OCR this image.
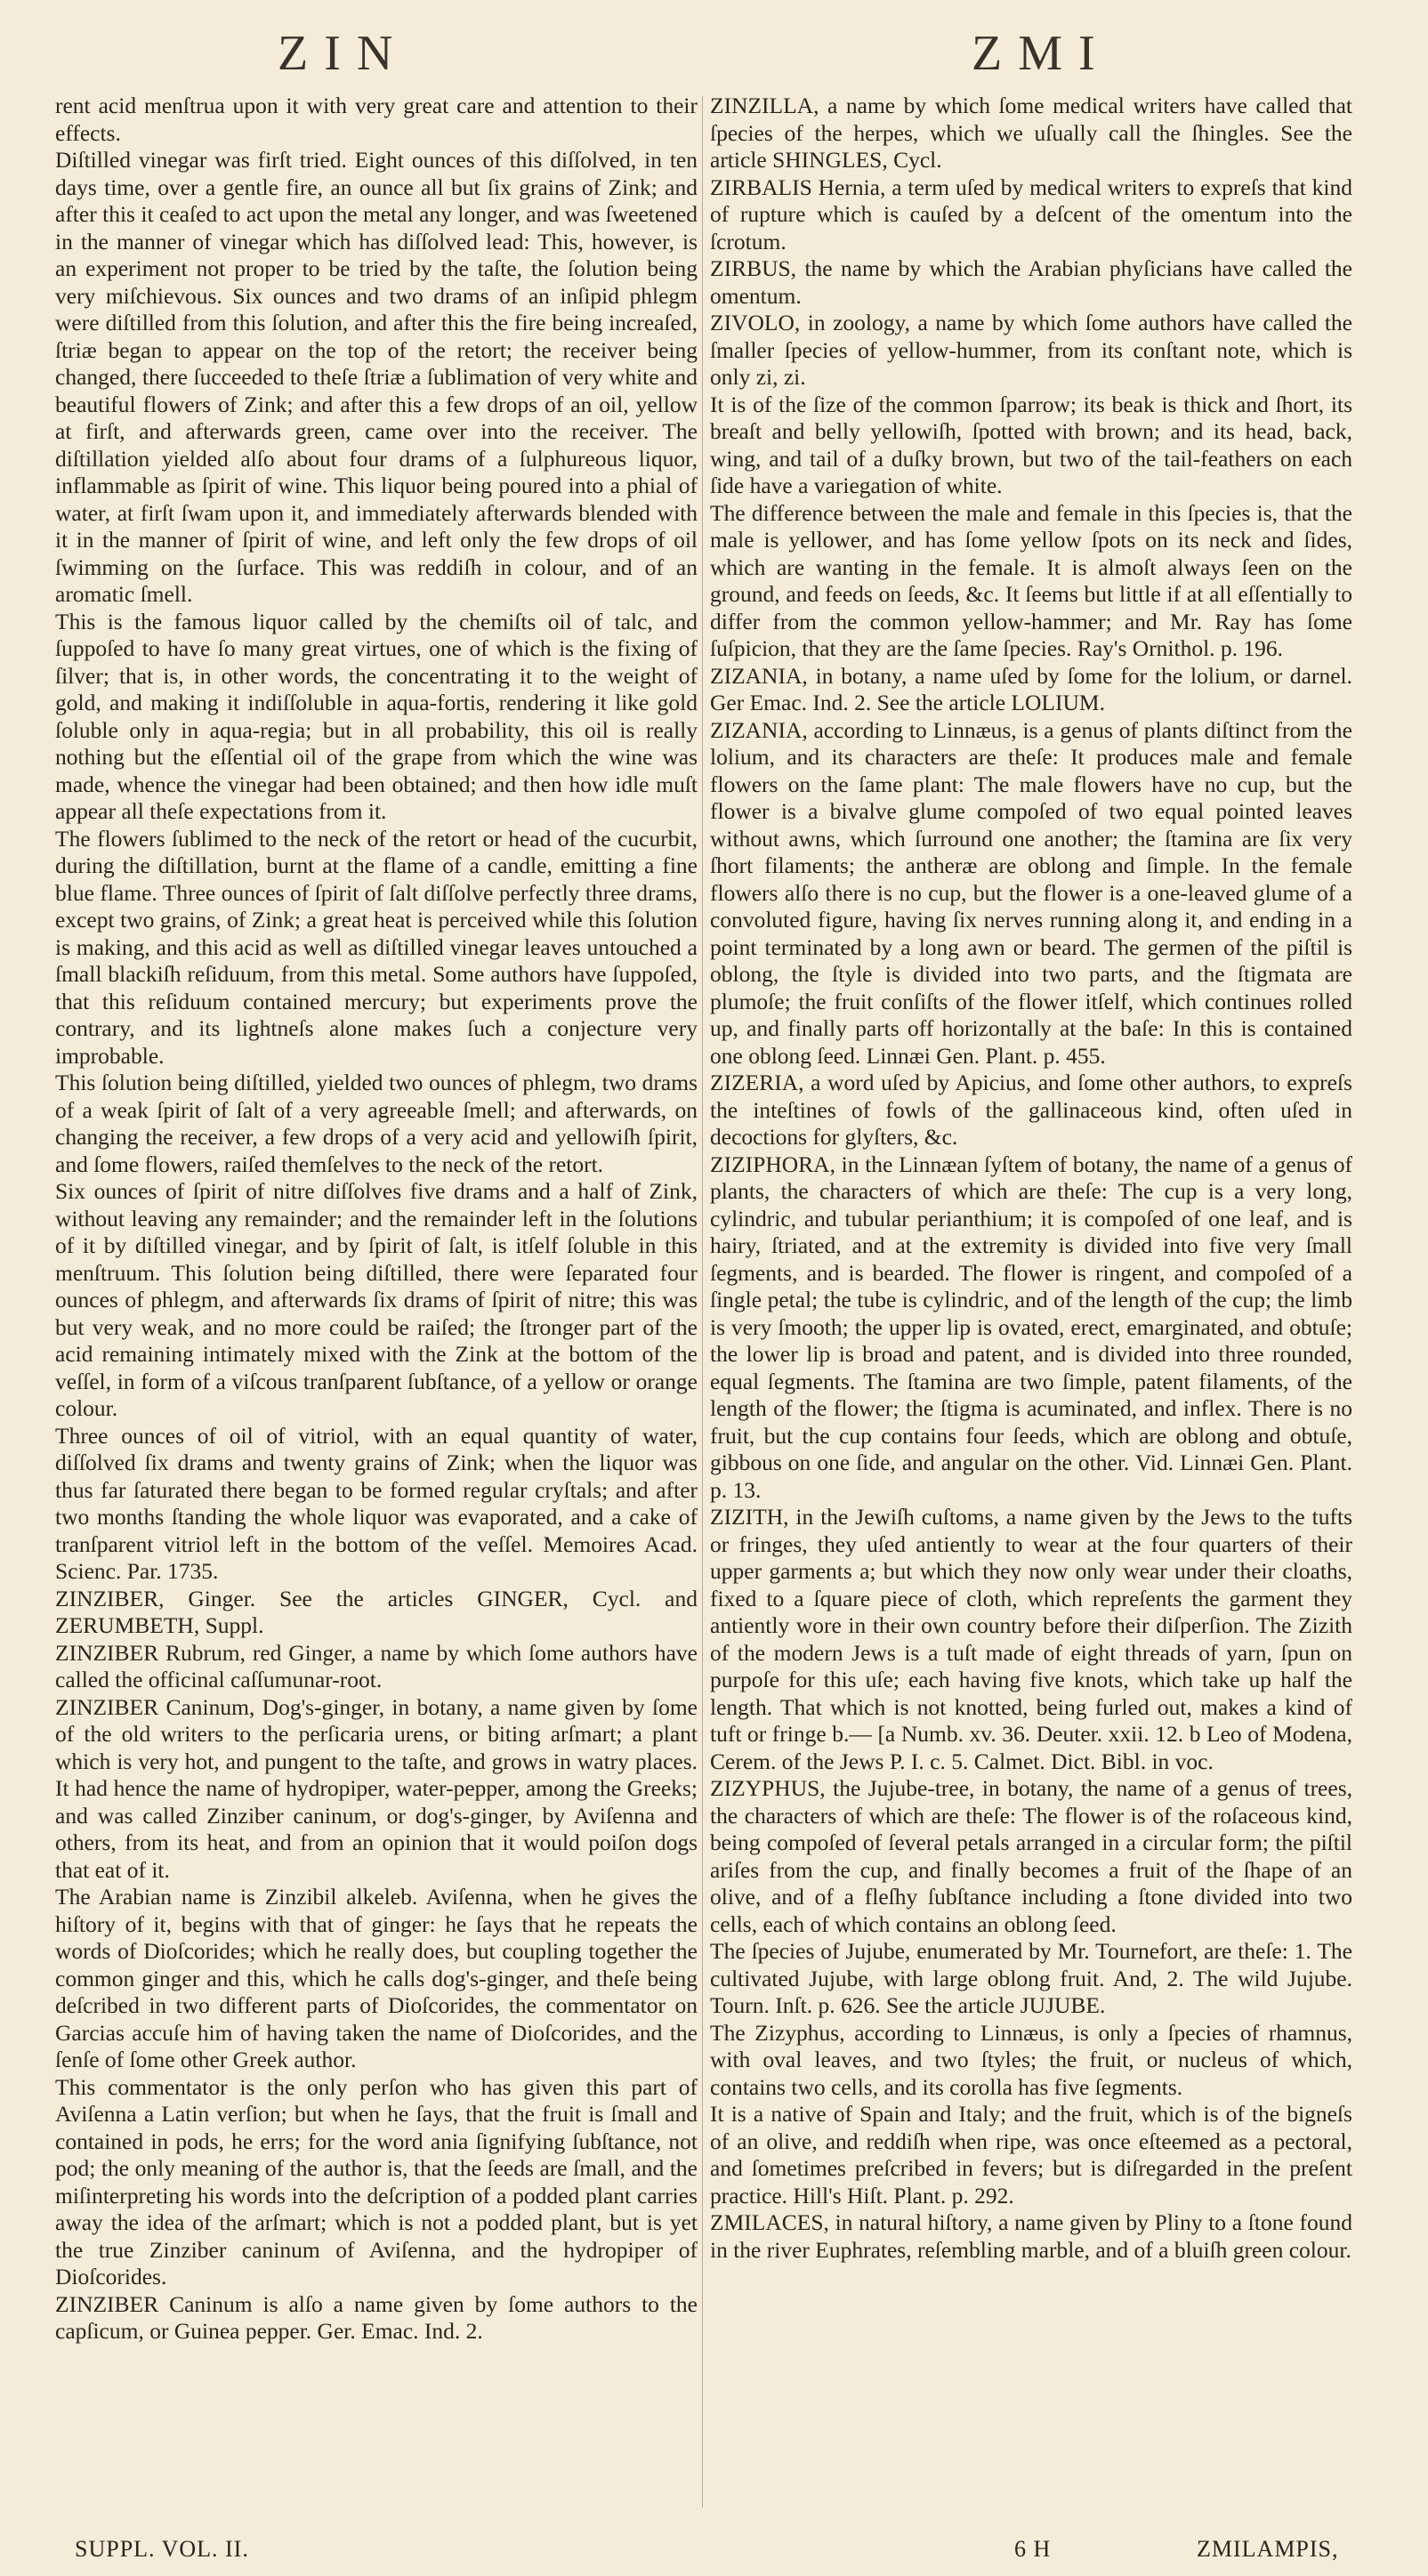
ZIN	ZMI

rent acid menſtrua upon it with very great care and attention to their effects.

Diſtilled vinegar was firſt tried. Eight ounces of this diſſolved, in ten days time, over a gentle fire, an ounce all but ſix grains of Zink; and after this it ceaſed to act upon the metal any longer, and was ſweetened in the manner of vinegar which has diſſolved lead: This, however, is an experiment not proper to be tried by the taſte, the ſolution being very miſchievous. Six ounces and two drams of an inſipid phlegm were diſtilled from this ſolution, and after this the fire being increaſed, ſtriæ began to appear on the top of the retort; the receiver being changed, there ſucceeded to theſe ſtriæ a ſublimation of very white and beautiful flowers of Zink; and after this a few drops of an oil, yellow at firſt, and afterwards green, came over into the receiver. The diſtillation yielded alſo about four drams of a ſulphureous liquor, inflammable as ſpirit of wine. This liquor being poured into a phial of water, at firſt ſwam upon it, and immediately afterwards blended with it in the manner of ſpirit of wine, and left only the few drops of oil ſwimming on the ſurface. This was reddiſh in colour, and of an aromatic ſmell.

This is the famous liquor called by the chemiſts oil of talc, and ſuppoſed to have ſo many great virtues, one of which is the fixing of ſilver; that is, in other words, the concentrating it to the weight of gold, and making it indiſſoluble in aqua-fortis, rendering it like gold ſoluble only in aqua-regia; but in all probability, this oil is really nothing but the eſſential oil of the grape from which the wine was made, whence the vinegar had been obtained; and then how idle muſt appear all theſe expectations from it.

The flowers ſublimed to the neck of the retort or head of the cucurbit, during the diſtillation, burnt at the flame of a candle, emitting a fine blue flame. Three ounces of ſpirit of ſalt diſſolve perfectly three drams, except two grains, of Zink; a great heat is perceived while this ſolution is making, and this acid as well as diſtilled vinegar leaves untouched a ſmall blackiſh reſiduum, from this metal. Some authors have ſuppoſed, that this reſiduum contained mercury; but experiments prove the contrary, and its lightneſs alone makes ſuch a conjecture very improbable.

This ſolution being diſtilled, yielded two ounces of phlegm, two drams of a weak ſpirit of ſalt of a very agreeable ſmell; and afterwards, on changing the receiver, a few drops of a very acid and yellowiſh ſpirit, and ſome flowers, raiſed themſelves to the neck of the retort.

Six ounces of ſpirit of nitre diſſolves five drams and a half of Zink, without leaving any remainder; and the remainder left in the ſolutions of it by diſtilled vinegar, and by ſpirit of ſalt, is itſelf ſoluble in this menſtruum. This ſolution being diſtilled, there were ſeparated four ounces of phlegm, and afterwards ſix drams of ſpirit of nitre; this was but very weak, and no more could be raiſed; the ſtronger part of the acid remaining intimately mixed with the Zink at the bottom of the veſſel, in form of a viſcous tranſparent ſubſtance, of a yellow or orange colour.

Three ounces of oil of vitriol, with an equal quantity of water, diſſolved ſix drams and twenty grains of Zink; when the liquor was thus far ſaturated there began to be formed regular cryſtals; and after two months ſtanding the whole liquor was evaporated, and a cake of tranſparent vitriol left in the bottom of the veſſel. Memoires Acad. Scienc. Par. 1735.

ZINZIBER, Ginger. See the articles GINGER, Cycl. and ZERUMBETH, Suppl.

ZINZIBER Rubrum, red Ginger, a name by which ſome authors have called the officinal caſſumunar-root.

ZINZIBER Caninum, Dog's-ginger, in botany, a name given by ſome of the old writers to the perſicaria urens, or biting arſmart; a plant which is very hot, and pungent to the taſte, and grows in watry places. It had hence the name of hydropiper, water-pepper, among the Greeks; and was called Zinziber caninum, or dog's-ginger, by Aviſenna and others, from its heat, and from an opinion that it would poiſon dogs that eat of it.

The Arabian name is Zinzibil alkeleb. Aviſenna, when he gives the hiſtory of it, begins with that of ginger: he ſays that he repeats the words of Dioſcorides; which he really does, but coupling together the common ginger and this, which he calls dog's-ginger, and theſe being deſcribed in two different parts of Dioſcorides, the commentator on Garcias accuſe him of having taken the name of Dioſcorides, and the ſenſe of ſome other Greek author.

This commentator is the only perſon who has given this part of Aviſenna a Latin verſion; but when he ſays, that the fruit is ſmall and contained in pods, he errs; for the word ania ſignifying ſubſtance, not pod; the only meaning of the author is, that the ſeeds are ſmall, and the miſinterpreting his words into the deſcription of a podded plant carries away the idea of the arſmart; which is not a podded plant, but is yet the true Zinziber caninum of Aviſenna, and the hydropiper of Dioſcorides.

ZINZIBER Caninum is alſo a name given by ſome authors to the capſicum, or Guinea pepper. Ger. Emac. Ind. 2.

ZINZILLA, a name by which ſome medical writers have called that ſpecies of the herpes, which we uſually call the ſhingles. See the article SHINGLES, Cycl.

ZIRBALIS Hernia, a term uſed by medical writers to expreſs that kind of rupture which is cauſed by a deſcent of the omentum into the ſcrotum.

ZIRBUS, the name by which the Arabian phyſicians have called the omentum.

ZIVOLO, in zoology, a name by which ſome authors have called the ſmaller ſpecies of yellow-hummer, from its conſtant note, which is only zi, zi.

It is of the ſize of the common ſparrow; its beak is thick and ſhort, its breaſt and belly yellowiſh, ſpotted with brown; and its head, back, wing, and tail of a duſky brown, but two of the tail-feathers on each ſide have a variegation of white.

The difference between the male and female in this ſpecies is, that the male is yellower, and has ſome yellow ſpots on its neck and ſides, which are wanting in the female. It is almoſt always ſeen on the ground, and feeds on ſeeds, &c. It ſeems but little if at all eſſentially to differ from the common yellow-hammer; and Mr. Ray has ſome ſuſpicion, that they are the ſame ſpecies. Ray's Ornithol. p. 196.

ZIZANIA, in botany, a name uſed by ſome for the lolium, or darnel. Ger Emac. Ind. 2. See the article LOLIUM.

ZIZANIA, according to Linnæus, is a genus of plants diſtinct from the lolium, and its characters are theſe: It produces male and female flowers on the ſame plant: The male flowers have no cup, but the flower is a bivalve glume compoſed of two equal pointed leaves without awns, which ſurround one another; the ſtamina are ſix very ſhort filaments; the antheræ are oblong and ſimple. In the female flowers alſo there is no cup, but the flower is a one-leaved glume of a convoluted figure, having ſix nerves running along it, and ending in a point terminated by a long awn or beard. The germen of the piſtil is oblong, the ſtyle is divided into two parts, and the ſtigmata are plumoſe; the fruit conſiſts of the flower itſelf, which continues rolled up, and finally parts off horizontally at the baſe: In this is contained one oblong ſeed. Linnæi Gen. Plant. p. 455.

ZIZERIA, a word uſed by Apicius, and ſome other authors, to expreſs the inteſtines of fowls of the gallinaceous kind, often uſed in decoctions for glyſters, &c.

ZIZIPHORA, in the Linnæan ſyſtem of botany, the name of a genus of plants, the characters of which are theſe: The cup is a very long, cylindric, and tubular perianthium; it is compoſed of one leaf, and is hairy, ſtriated, and at the extremity is divided into five very ſmall ſegments, and is bearded. The flower is ringent, and compoſed of a ſingle petal; the tube is cylindric, and of the length of the cup; the limb is very ſmooth; the upper lip is ovated, erect, emarginated, and obtuſe; the lower lip is broad and patent, and is divided into three rounded, equal ſegments. The ſtamina are two ſimple, patent filaments, of the length of the flower; the ſtigma is acuminated, and inflex. There is no fruit, but the cup contains four ſeeds, which are oblong and obtuſe, gibbous on one ſide, and angular on the other. Vid. Linnæi Gen. Plant. p. 13.

ZIZITH, in the Jewiſh cuſtoms, a name given by the Jews to the tufts or fringes, they uſed antiently to wear at the four quarters of their upper garments a; but which they now only wear under their cloaths, fixed to a ſquare piece of cloth, which repreſents the garment they antiently wore in their own country before their diſperſion. The Zizith of the modern Jews is a tuſt made of eight threads of yarn, ſpun on purpoſe for this uſe; each having five knots, which take up half the length. That which is not knotted, being furled out, makes a kind of tuft or fringe b.— [a Numb. xv. 36. Deuter. xxii. 12. b Leo of Modena, Cerem. of the Jews P. I. c. 5. Calmet. Dict. Bibl. in voc.

ZIZYPHUS, the Jujube-tree, in botany, the name of a genus of trees, the characters of which are theſe: The flower is of the roſaceous kind, being compoſed of ſeveral petals arranged in a circular form; the piſtil ariſes from the cup, and finally becomes a fruit of the ſhape of an olive, and of a fleſhy ſubſtance including a ſtone divided into two cells, each of which contains an oblong ſeed.

The ſpecies of Jujube, enumerated by Mr. Tournefort, are theſe: 1. The cultivated Jujube, with large oblong fruit. And, 2. The wild Jujube. Tourn. Inſt. p. 626. See the article JUJUBE.

The Zizyphus, according to Linnæus, is only a ſpecies of rhamnus, with oval leaves, and two ſtyles; the fruit, or nucleus of which, contains two cells, and its corolla has five ſegments.

It is a native of Spain and Italy; and the fruit, which is of the bigneſs of an olive, and reddiſh when ripe, was once eſteemed as a pectoral, and ſometimes preſcribed in fevers; but is diſregarded in the preſent practice. Hill's Hiſt. Plant. p. 292.

ZMILACES, in natural hiſtory, a name given by Pliny to a ſtone found in the river Euphrates, reſembling marble, and of a bluiſh green colour.

SUPPL. VOL. II.	6 H	ZMILAMPIS,
